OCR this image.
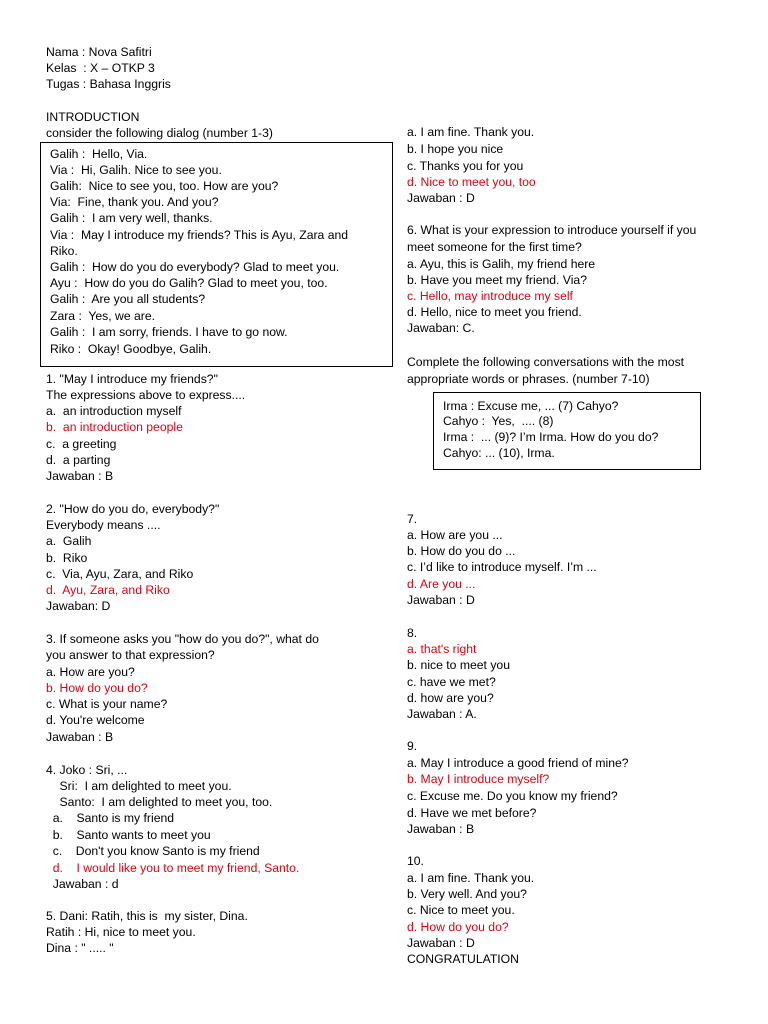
Nama : Nova Safitri
Kelas  : X – OTKP 3
Tugas : Bahasa Inggris
INTRODUCTION
consider the following dialog (number 1-3)
Galih :  Hello, Via.
Via :  Hi, Galih. Nice to see you.
Galih:  Nice to see you, too. How are you?
Via:  Fine, thank you. And you?
Galih :  I am very well, thanks.
Via :  May I introduce my friends? This is Ayu, Zara and
Riko.
Galih :  How do you do everybody? Glad to meet you.
Ayu :  How do you do Galih? Glad to meet you, too.
Galih :  Are you all students?
Zara :  Yes, we are.
Galih :  I am sorry, friends. I have to go now.
Riko :  Okay! Goodbye, Galih.
1. "May I introduce my friends?"
The expressions above to express....
a.  an introduction myself
b.  an introduction people
c.  a greeting
d.  a parting
Jawaban : B
2. "How do you do, everybody?"
Everybody means ....
a.  Galih
b.  Riko
c.  Via, Ayu, Zara, and Riko
d.  Ayu, Zara, and Riko
Jawaban: D
3. If someone asks you "how do you do?", what do
you answer to that expression?
a. How are you?
b. How do you do?
c. What is your name?
d. You're welcome
Jawaban : B
4. Joko : Sri, ...
Sri:  I am delighted to meet you.
Santo:  I am delighted to meet you, too.
a.    Santo is my friend
b.    Santo wants to meet you
c.    Don't you know Santo is my friend
d.    I would like you to meet my friend, Santo.
Jawaban : d
5. Dani: Ratih, this is  my sister, Dina.
Ratih : Hi, nice to meet you.
Dina : " ..... "
a. I am fine. Thank you.
b. I hope you nice
c. Thanks you for you
d. Nice to meet you, too
Jawaban : D
6. What is your expression to introduce yourself if you
meet someone for the first time?
a. Ayu, this is Galih, my friend here
b. Have you meet my friend. Via?
c. Hello, may introduce my self
d. Hello, nice to meet you friend.
Jawaban: C.
Complete the following conversations with the most
appropriate words or phrases. (number 7-10)
Irma : Excuse me, ... (7) Cahyo?
Cahyo :  Yes,  .... (8)
Irma :  ... (9)? I’m Irma. How do you do?
Cahyo: ... (10), Irma.
7.
a. How are you ...
b. How do you do ...
c. I’d like to introduce myself. I’m ...
d. Are you ...
Jawaban : D
8.
a. that's right
b. nice to meet you
c. have we met?
d. how are you?
Jawaban : A.
9.
a. May I introduce a good friend of mine?
b. May I introduce myself?
c. Excuse me. Do you know my friend?
d. Have we met before?
Jawaban : B
10.
a. I am fine. Thank you.
b. Very well. And you?
c. Nice to meet you.
d. How do you do?
Jawaban : D
CONGRATULATION
